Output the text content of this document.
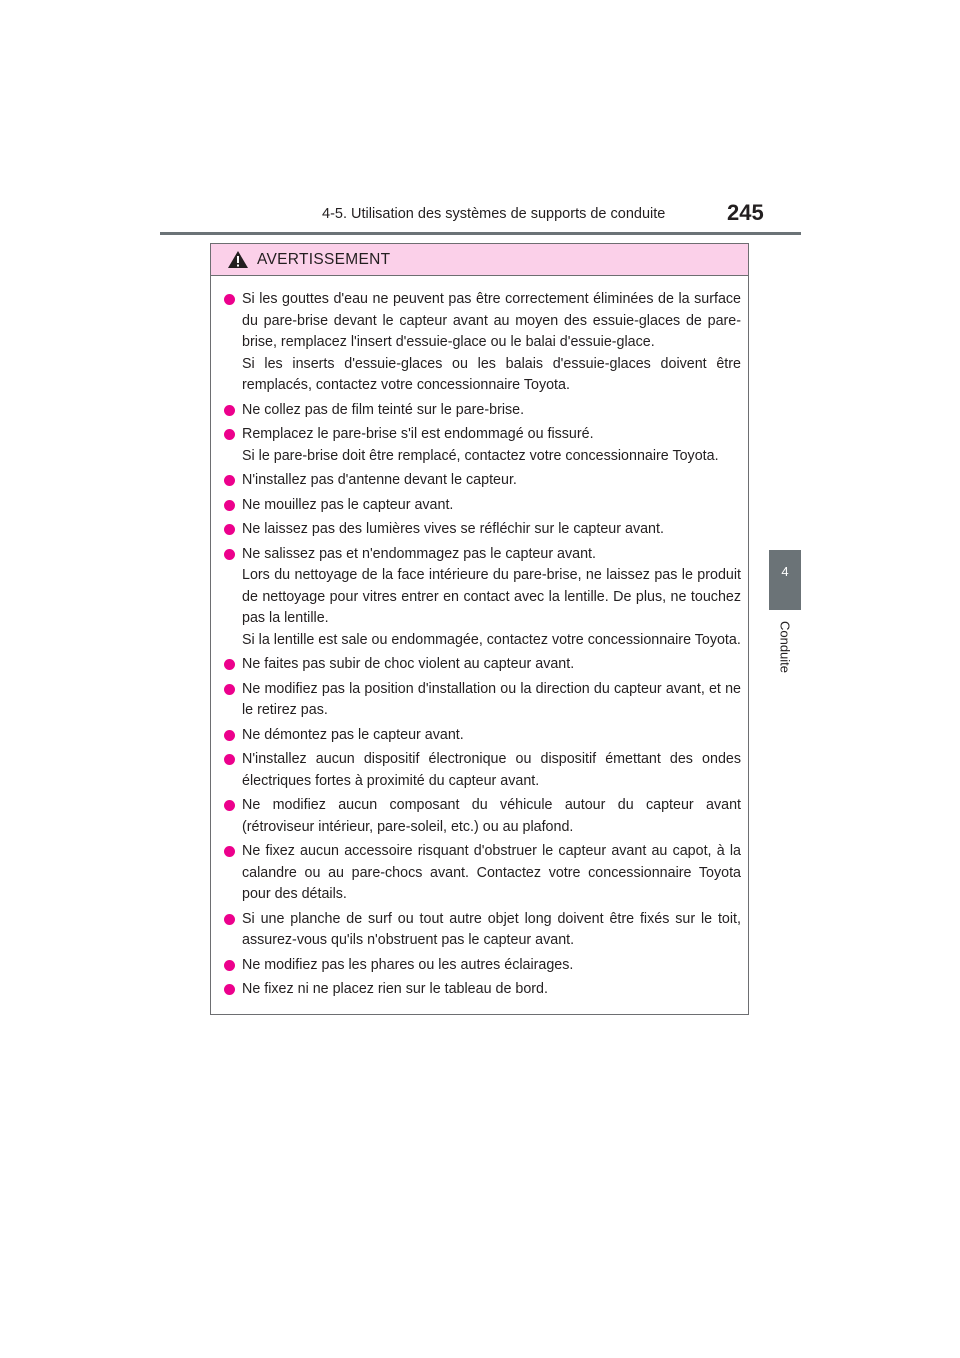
4-5. Utilisation des systèmes de supports de conduite	245
4
Conduite
AVERTISSEMENT
Si les gouttes d'eau ne peuvent pas être correctement éliminées de la surface du pare-brise devant le capteur avant au moyen des essuie-glaces de pare-brise, remplacez l'insert d'essuie-glace ou le balai d'essuie-glace.
Si les inserts d'essuie-glaces ou les balais d'essuie-glaces doivent être remplacés, contactez votre concessionnaire Toyota.
Ne collez pas de film teinté sur le pare-brise.
Remplacez le pare-brise s'il est endommagé ou fissuré.
Si le pare-brise doit être remplacé, contactez votre concessionnaire Toyota.
N'installez pas d'antenne devant le capteur.
Ne mouillez pas le capteur avant.
Ne laissez pas des lumières vives se réfléchir sur le capteur avant.
Ne salissez pas et n'endommagez pas le capteur avant.
Lors du nettoyage de la face intérieure du pare-brise, ne laissez pas le produit de nettoyage pour vitres entrer en contact avec la lentille. De plus, ne touchez pas la lentille.
Si la lentille est sale ou endommagée, contactez votre concessionnaire Toyota.
Ne faites pas subir de choc violent au capteur avant.
Ne modifiez pas la position d'installation ou la direction du capteur avant, et ne le retirez pas.
Ne démontez pas le capteur avant.
N'installez aucun dispositif électronique ou dispositif émettant des ondes électriques fortes à proximité du capteur avant.
Ne modifiez aucun composant du véhicule autour du capteur avant (rétroviseur intérieur, pare-soleil, etc.) ou au plafond.
Ne fixez aucun accessoire risquant d'obstruer le capteur avant au capot, à la calandre ou au pare-chocs avant. Contactez votre concessionnaire Toyota pour des détails.
Si une planche de surf ou tout autre objet long doivent être fixés sur le toit, assurez-vous qu'ils n'obstruent pas le capteur avant.
Ne modifiez pas les phares ou les autres éclairages.
Ne fixez ni ne placez rien sur le tableau de bord.
